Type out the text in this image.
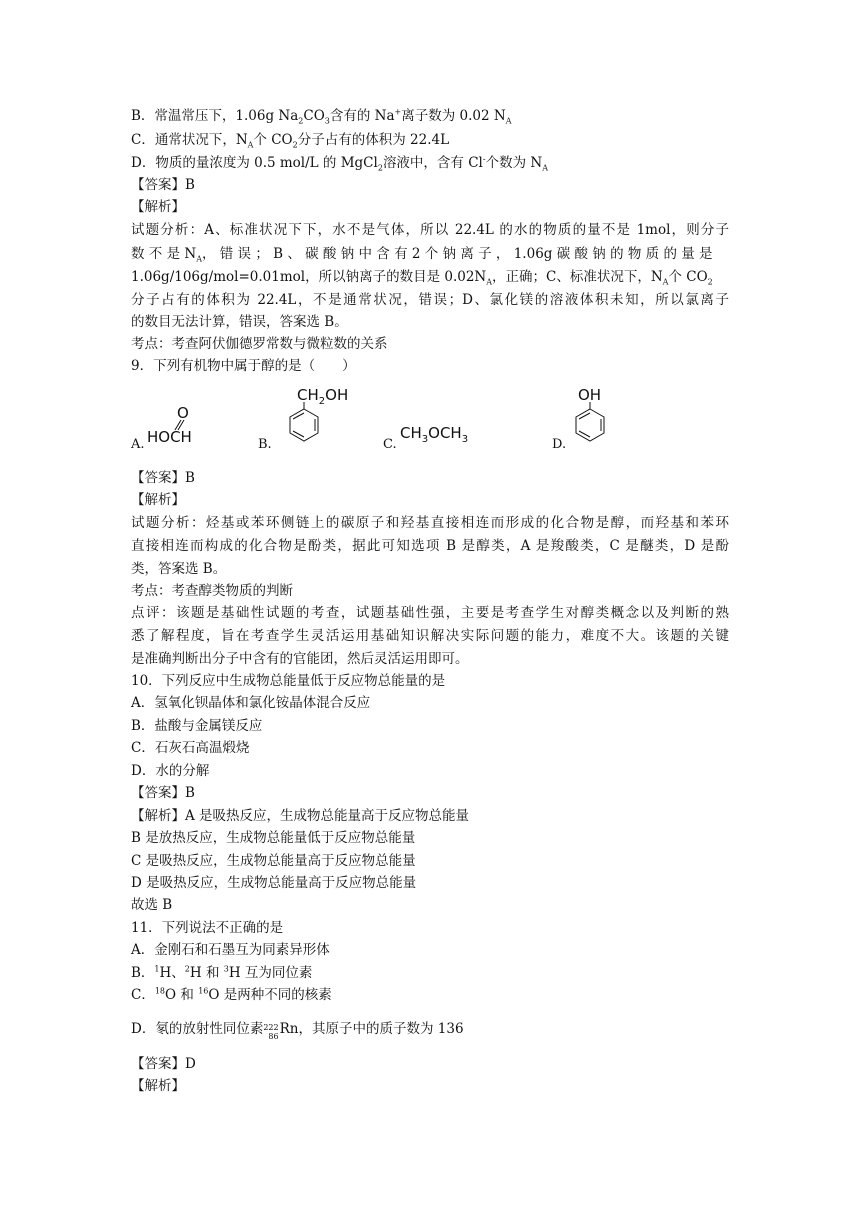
B．常温常压下，1.06g $Na_2CO_3$含有的 Na+离子数为 0.02 $N_A$
C．通常状况下，$N_A$个 $CO_2$分子占有的体积为 22.4L
D．物质的量浓度为 0.5 mol/L 的 MgCl$_2$溶液中，含有 Cl-个数为 $N_A$
【答案】B
【解析】
试题分析：A、标准状况下下，水不是气体，所以 22.4L 的水的物质的量不是 1mol，则分子
数 不 是 $N_A$， 错 误 ； B 、 碳 酸 钠 中 含 有 2 个 钠 离 子 ， 1.06g 碳 酸 钠 的 物 质 的 量 是
1.06g/106g/mol=0.01mol，所以钠离子的数目是 $0.02N_A$，正确；C、标准状况下，$N_A$个 $CO_2$
分子占有的体积为 22.4L，不是通常状况，错误；D、氯化镁的溶液体积未知，所以氯离子
的数目无法计算，错误，答案选 B。
考点：考查阿伏伽德罗常数与微粒数的关系
9．下列有机物中属于醇的是（　　）
A. HOCH
O
B.
$CH_2OH$
C.
$CH_3OCH_3$	D.
OH
【答案】B
【解析】
试题分析：烃基或苯环侧链上的碳原子和羟基直接相连而形成的化合物是醇，而羟基和苯环
直接相连而构成的化合物是酚类，据此可知选项 B 是醇类，A 是羧酸类，C 是醚类，D 是酚
类，答案选 B。
考点：考查醇类物质的判断
点评：该题是基础性试题的考查，试题基础性强，主要是考查学生对醇类概念以及判断的熟
悉了解程度，旨在考查学生灵活运用基础知识解决实际问题的能力，难度不大。该题的关键
是准确判断出分子中含有的官能团，然后灵活运用即可。
10．下列反应中生成物总能量低于反应物总能量的是
A．氢氧化钡晶体和氯化铵晶体混合反应
B．盐酸与金属镁反应
C．石灰石高温煅烧
D．水的分解
【答案】B
【解析】A 是吸热反应，生成物总能量高于反应物总能量
B 是放热反应，生成物总能量低于反应物总能量
C 是吸热反应，生成物总能量高于反应物总能量
D 是吸热反应，生成物总能量高于反应物总能量
故选 B
11．下列说法不正确的是
A．金刚石和石墨互为同素异形体
B．$^1$H、$^2$H 和 $^3$H 互为同位素
C．$^{18}$O 和 $^{16}$O 是两种不同的核素
D．氡的放射性同位素 222
86 Rn，其原子中的质子数为 136
【答案】D
【解析】
